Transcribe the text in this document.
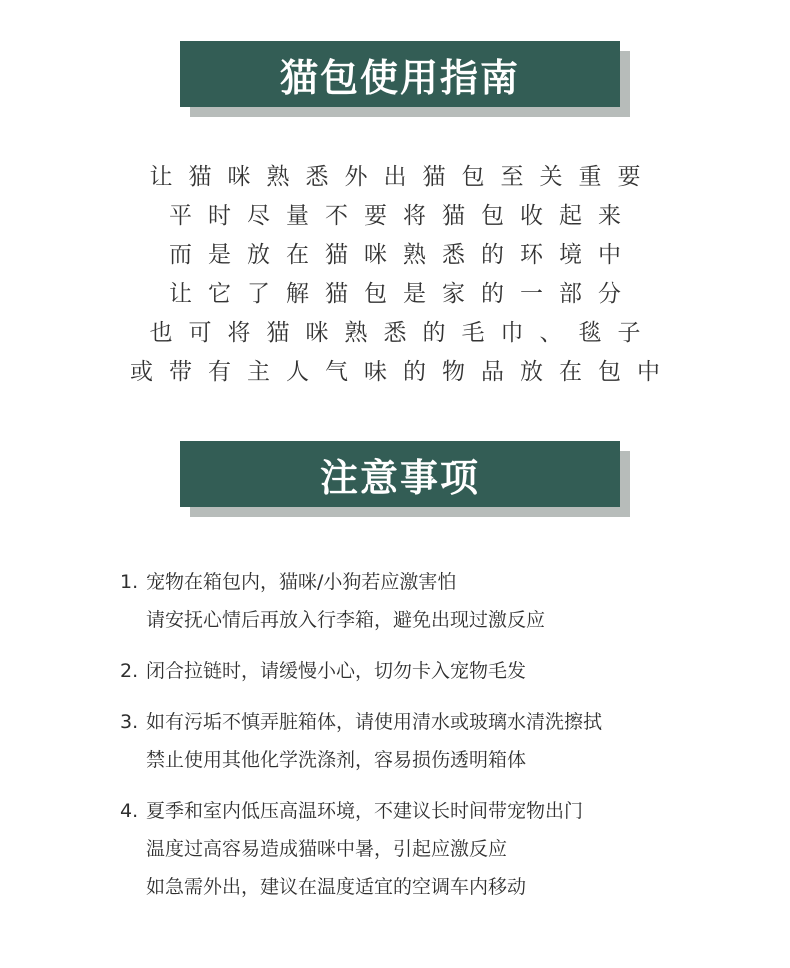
猫包使用指南
让猫咪熟悉外出猫包至关重要
平时尽量不要将猫包收起来
而是放在猫咪熟悉的环境中
让它了解猫包是家的一部分
也可将猫咪熟悉的毛巾、毯子
或带有主人气味的物品放在包中
注意事项
1. 宠物在箱包内，猫咪/小狗若应激害怕
请安抚心情后再放入行李箱，避免出现过激反应
2. 闭合拉链时，请缓慢小心，切勿卡入宠物毛发
3. 如有污垢不慎弄脏箱体，请使用清水或玻璃水清洗擦拭
禁止使用其他化学洗涤剂，容易损伤透明箱体
4. 夏季和室内低压高温环境，不建议长时间带宠物出门
温度过高容易造成猫咪中暑，引起应激反应
如急需外出，建议在温度适宜的空调车内移动
